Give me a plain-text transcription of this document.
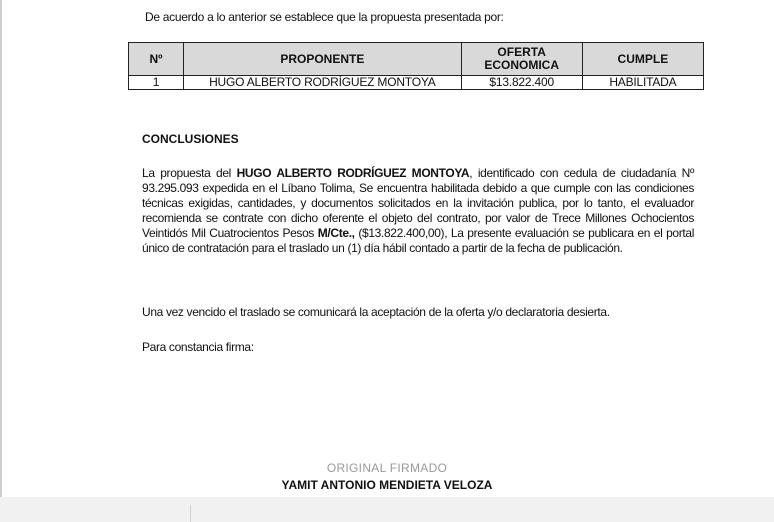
De acuerdo a lo anterior se establece que la propuesta presentada por:
Nº	PROPONENTE	OFERTA ECONOMICA	CUMPLE
1	HUGO ALBERTO RODRÍGUEZ MONTOYA	$13.822.400	HABILITADA
CONCLUSIONES

La propuesta del HUGO ALBERTO RODRÍGUEZ MONTOYA, identificado con cedula de ciudadanía Nº 93.295.093 expedida en el Líbano Tolima, Se encuentra habilitada debido a que cumple con las condiciones técnicas exigidas, cantidades, y documentos solicitados en la invitación publica, por lo tanto, el evaluador recomienda se contrate con dicho oferente el objeto del contrato, por valor de Trece Millones Ochocientos Veintidós Mil Cuatrocientos Pesos M/Cte., ($13.822.400,00), La presente evaluación se publicara en el portal único de contratación para el traslado un (1) día hábil contado a partir de la fecha de publicación.

Una vez vencido el traslado se comunicará la aceptación de la oferta y/o declaratoria desierta.

Para constancia firma:

ORIGINAL FIRMADO
YAMIT ANTONIO MENDIETA VELOZA
